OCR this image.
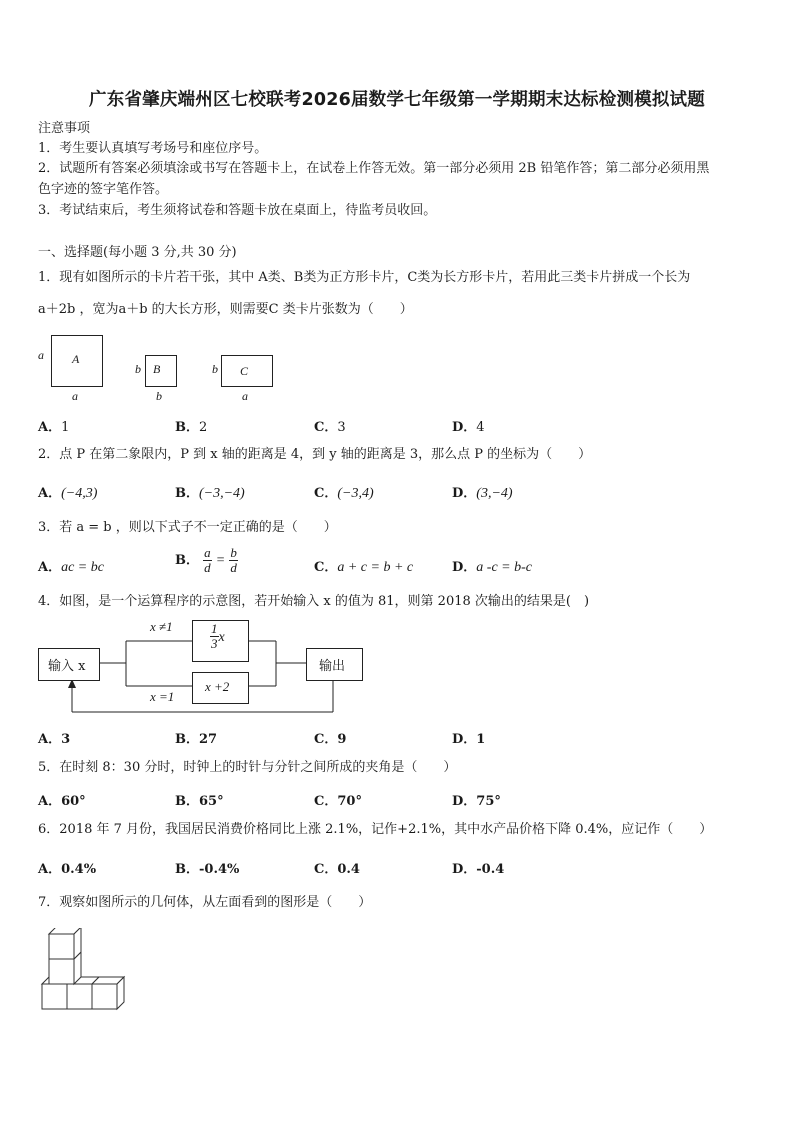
广东省肇庆端州区七校联考2026届数学七年级第一学期期末达标检测模拟试题
注意事项
1．考生要认真填写考场号和座位序号。
2．试题所有答案必须填涂或书写在答题卡上，在试卷上作答无效。第一部分必须用 2B 铅笔作答；第二部分必须用黑
色字迹的签字笔作答。
3．考试结束后，考生须将试卷和答题卡放在桌面上，待监考员收回。
一、选择题(每小题 3 分,共 30 分)
1．现有如图所示的卡片若干张，其中 A类、B类为正方形卡片，C类为长方形卡片，若用此三类卡片拼成一个长为
a＋2b ，宽为a＋b 的大长方形，则需要C 类卡片张数为（　　）
a A
a
b B
b
b C
a
A．1	B．2	C．3	D．4
2．点 P 在第二象限内，P 到 x 轴的距离是 4，到 y 轴的距离是 3，那么点 P 的坐标为（　　）
A．(−4,3)	B．(−3,−4)	C．(−3,4)	D．(3,−4)
3．若 a = b ，则以下式子不一定正确的是（　　）
A．ac = bc	B． $\frac{a}{d} = \frac{b}{d}$	C．a + c = b + c	D．a -c = b-c
4．如图，是一个运算程序的示意图，若开始输入 x 的值为 81，则第 2018 次输出的结果是(　)
输入 x
$\frac{1}{3}$ x
x +2
x ≠1
x =1
输出
A．3	B．27	C．9	D．1
5．在时刻 8：30 分时，时钟上的时针与分针之间所成的夹角是（　　）
A．60°	B．65°	C．70°	D．75°
6．2018 年 7 月份，我国居民消费价格同比上涨 2.1%，记作+2.1%，其中水产品价格下降 0.4%，应记作（　　）
A．0.4%	B．-0.4%	C．0.4	D．-0.4
7．观察如图所示的几何体，从左面看到的图形是（　　）
